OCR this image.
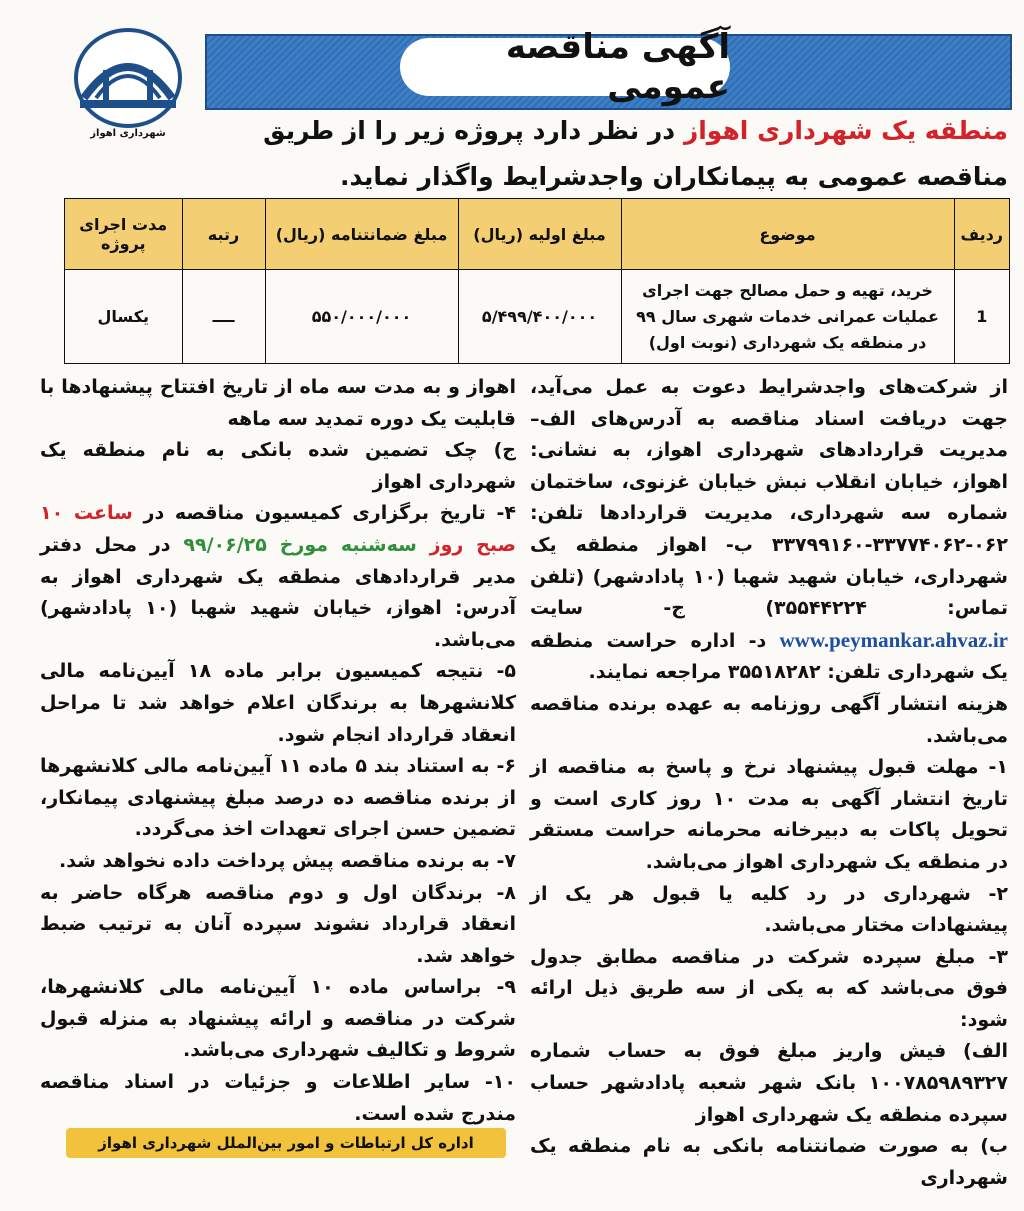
آگهی مناقصه عمومی
شهرداری اهواز	منطقه یک شهرداری اهواز در نظر دارد پروژه زیر را از طریق مناقصه عمومی به پیمانکاران واجدشرایط واگذار نماید.
ردیف	موضوع	مبلغ اولیه (ریال)	مبلغ ضمانتنامه (ریال)	رتبه	مدت اجرای پروژه
1	خرید، تهیه و حمل مصالح جهت اجرای عملیات عمرانی خدمات شهری سال ۹۹ در منطقه یک شهرداری (نوبت اول)	۵/۴۹۹/۴۰۰/۰۰۰	۵۵۰/۰۰۰/۰۰۰	ــــ	یکسال

از شرکت‌های واجدشرایط دعوت به عمل می‌آید، جهت دریافت اسناد مناقصه به آدرس‌های الف– مدیریت قراردادهای شهرداری اهواز، به نشانی: اهواز، خیابان انقلاب نبش خیابان غزنوی، ساختمان شماره سه شهرداری، مدیریت قراردادها تلفن: ۰۶۲-۳۳۷۷۴۰۶۲-۳۳۷۹۹۱۶۰ ب- اهواز منطقه یک شهرداری، خیابان شهید شهبا (۱۰ پادادشهر) (تلفن تماس: ۳۵۵۴۴۲۲۴) ج- سایت www.peymankar.ahvaz.ir د- اداره حراست منطقه یک شهرداری تلفن: ۳۵۵۱۸۲۸۲ مراجعه نمایند.

هزینه انتشار آگهی روزنامه به عهده برنده مناقصه می‌باشد.

۱- مهلت قبول پیشنهاد نرخ و پاسخ به مناقصه از تاریخ انتشار آگهی به مدت ۱۰ روز کاری است و تحویل پاکات به دبیرخانه محرمانه حراست مستقر در منطقه یک شهرداری اهواز می‌باشد.

۲- شهرداری در رد کلیه یا قبول هر یک از پیشنهادات مختار می‌باشد.

۳- مبلغ سپرده شرکت در مناقصه مطابق جدول فوق می‌باشد که به یکی از سه طریق ذیل ارائه شود:

الف) فیش واریز مبلغ فوق به حساب شماره ۱۰۰۷۸۵۹۸۹۳۲۷ بانک شهر شعبه پادادشهر حساب سپرده منطقه یک شهرداری اهواز

ب) به صورت ضمانتنامه بانکی به نام منطقه یک شهرداری

اهواز و به مدت سه ماه از تاریخ افتتاح پیشنهادها با قابلیت یک دوره تمدید سه ماهه

ج) چک تضمین شده بانکی به نام منطقه یک شهرداری اهواز

۴- تاریخ برگزاری کمیسیون مناقصه در ساعت ۱۰ صبح روز سه‌شنبه مورخ ۹۹/۰۶/۲۵ در محل دفتر مدیر قراردادهای منطقه یک شهرداری اهواز به آدرس: اهواز، خیابان شهید شهبا (۱۰ پادادشهر) می‌باشد.

۵- نتیجه کمیسیون برابر ماده ۱۸ آیین‌نامه مالی کلانشهرها به برندگان اعلام خواهد شد تا مراحل انعقاد قرارداد انجام شود.

۶- به استناد بند ۵ ماده ۱۱ آیین‌نامه مالی کلانشهرها از برنده مناقصه ده درصد مبلغ پیشنهادی پیمانکار، تضمین حسن اجرای تعهدات اخذ می‌گردد.

۷- به برنده مناقصه پیش پرداخت داده نخواهد شد.

۸- برندگان اول و دوم مناقصه هرگاه حاضر به انعقاد قرارداد نشوند سپرده آنان به ترتیب ضبط خواهد شد.

۹- براساس ماده ۱۰ آیین‌نامه مالی کلانشهرها، شرکت در مناقصه و ارائه پیشنهاد به منزله قبول شروط و تکالیف شهرداری می‌باشد.

۱۰- سایر اطلاعات و جزئیات در اسناد مناقصه مندرج شده است.

اداره کل ارتباطات و امور بین‌الملل شهرداری اهواز
